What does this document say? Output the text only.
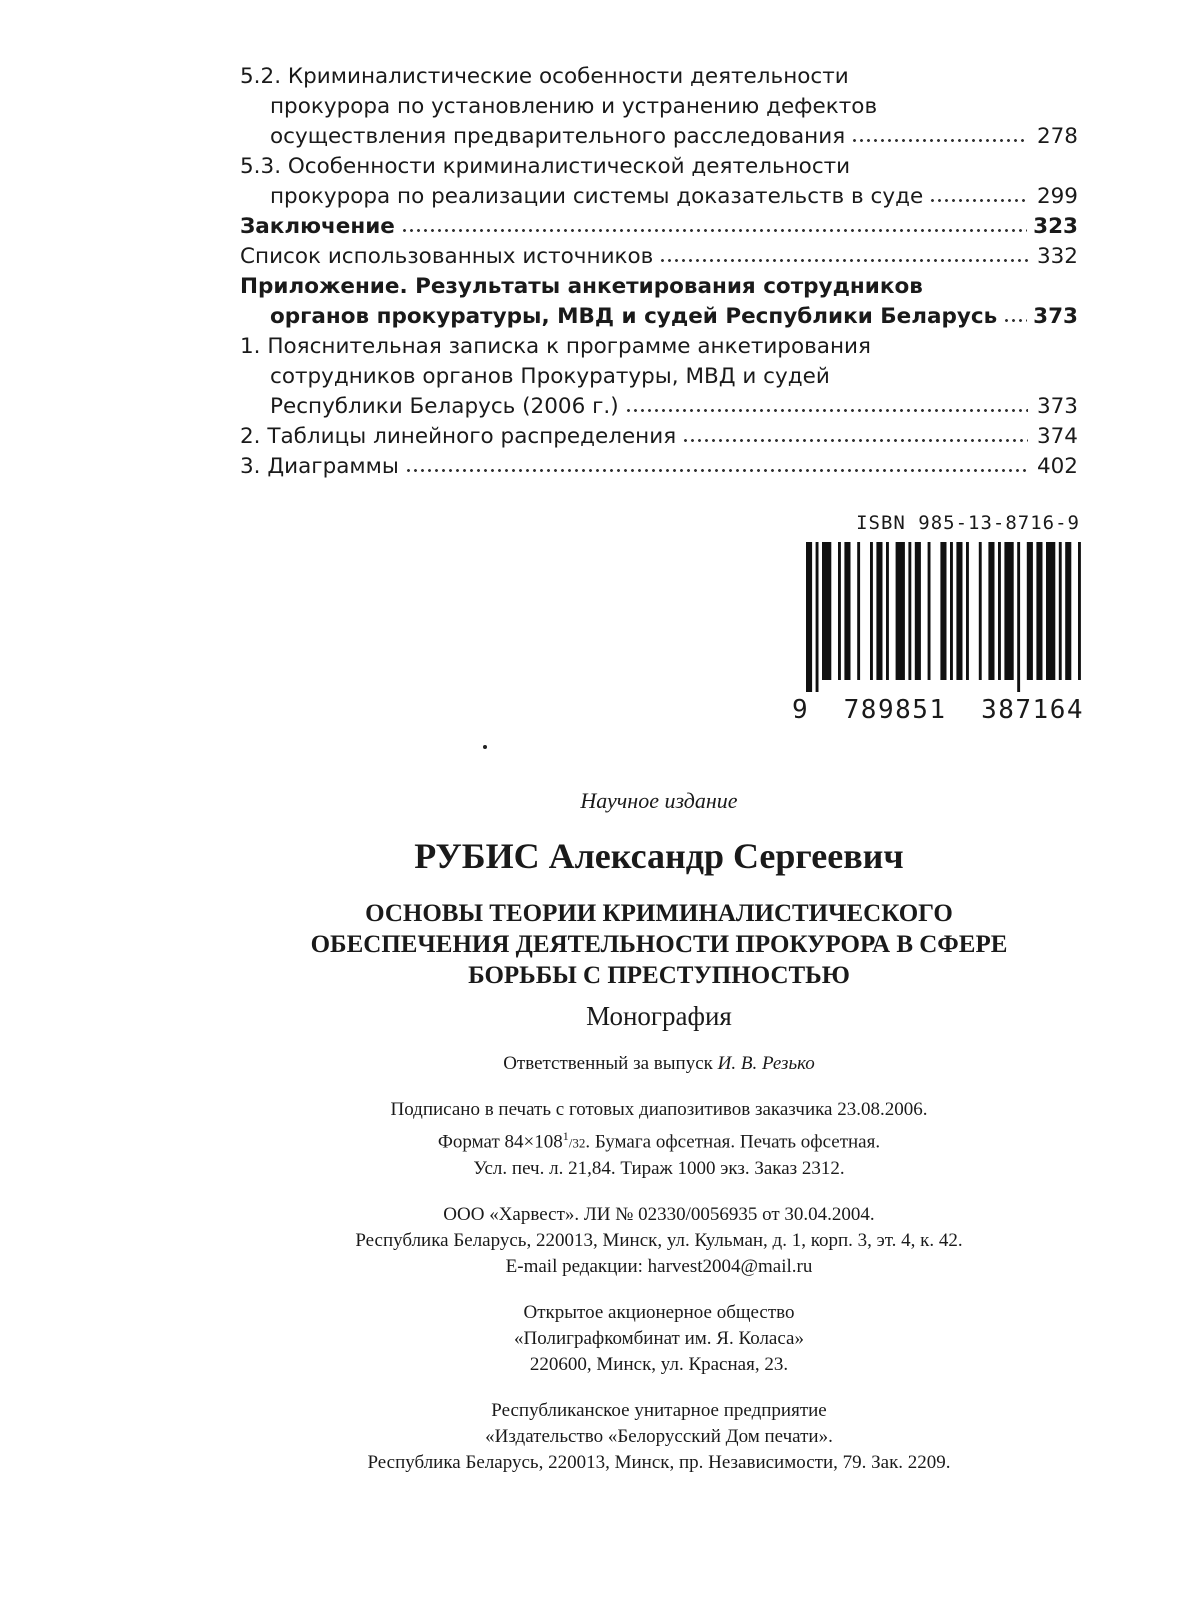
5.2. Криминалистические особенности деятельности
прокурора по установлению и устранению дефектов
осуществления предварительного расследования	278
5.3. Особенности криминалистической деятельности
прокурора по реализации системы доказательств в суде	299
Заключение	323
Список использованных источников	332
Приложение. Результаты анкетирования сотрудников
органов прокуратуры, МВД и судей Республики Беларусь 373
1. Пояснительная записка к программе анкетирования
сотрудников органов Прокуратуры, МВД и судей
Республики Беларусь (2006 г.)	373
2. Таблицы линейного распределения	374
3. Диаграммы	402
ISBN 985-13-8716-9
9 789851 387164
Научное издание
РУБИС Александр Сергеевич
ОСНОВЫ ТЕОРИИ КРИМИНАЛИСТИЧЕСКОГО
ОБЕСПЕЧЕНИЯ ДЕЯТЕЛЬНОСТИ ПРОКУРОРА В СФЕРЕ
БОРЬБЫ С ПРЕСТУПНОСТЬЮ
Монография
Ответственный за выпуск И. В. Резько
Подписано в печать с готовых диапозитивов заказчика 23.08.2006.
Формат $84\times 108^1/32$. Бумага офсетная. Печать офсетная.
Усл. печ. л. 21,84. Тираж 1000 экз. Заказ 2312.
ООО «Харвест». ЛИ № 02330/0056935 от 30.04.2004.
Республика Беларусь, 220013, Минск, ул. Кульман, д. 1, корп. 3, эт. 4, к. 42.
E-mail редакции: harvest2004@mail.ru
Открытое акционерное общество
«Полиграфкомбинат им. Я. Коласа»
220600, Минск, ул. Красная, 23.
Республиканское унитарное предприятие
«Издательство «Белорусский Дом печати».
Республика Беларусь, 220013, Минск, пр. Независимости, 79. Зак. 2209.
